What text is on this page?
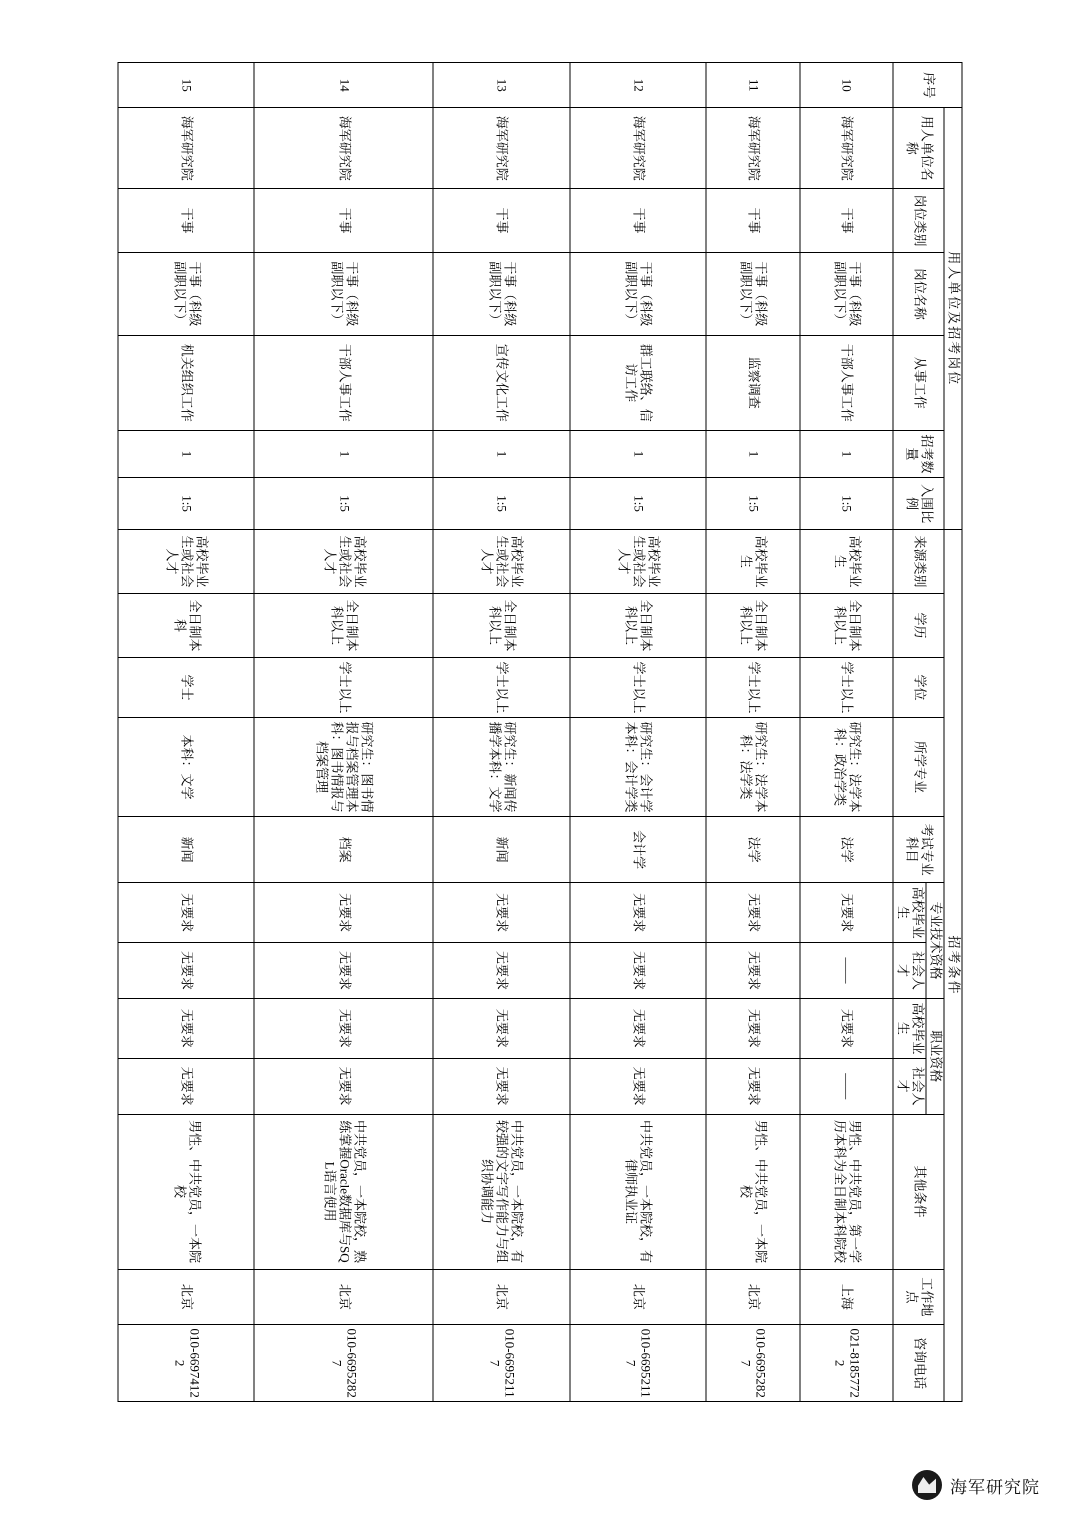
序号	用人单位及招考岗位						招考条件											
	用人单位名称	岗位类别	岗位名称	从事工作	招考数量	入围比例	来源类别	学历	学位	所学专业	考试专业科目	专业技术资格		职业资格		其他条件	工作地点	咨询电话
												高校毕业生	社会人才	高校毕业生	社会人才			
10	海军研究院	干事	干事（科级副职以下）	干部人事工作	1	1:5	高校毕业生	全日制本科以上	学士以上	研究生：法学本科：政治学类	法学	无要求	——	无要求	——	男性、中共党员，第一学历本科为全日制本科院校	上海	021-81857722
11	海军研究院	干事	干事（科级副职以下）	监察调查	1	1:5	高校毕业生	全日制本科以上	学士以上	研究生：法学本科：法学类	法学	无要求	无要求	无要求	无要求	男性、中共党员，一本院校	北京	010-66952827
12	海军研究院	干事	干事（科级副职以下）	群工联络、信访工作	1	1:5	高校毕业生或社会人才	全日制本科以上	学士以上	研究生：会计学本科：会计学类	会计学	无要求	无要求	无要求	无要求	中共党员，一本院校，有律师执业证	北京	010-66952117
13	海军研究院	干事	干事（科级副职以下）	宣传文化工作	1	1:5	高校毕业生或社会人才	全日制本科以上	学士以上	研究生：新闻传播学本科：文学	新闻	无要求	无要求	无要求	无要求	中共党员，一本院校，有较强的文字写作能力与组织协调能力	北京	010-66952117
14	海军研究院	干事	干事（科级副职以下）	干部人事工作	1	1:5	高校毕业生或社会人才	全日制本科以上	学士以上	研究生：图书情报与档案管理本科：图书情报与档案管理	档案	无要求	无要求	无要求	无要求	中共党员，一本院校，熟练掌握Oracle数据库与SQL语言使用	北京	010-66952827
15	海军研究院	干事	干事（科级副职以下）	机关组织工作	1	1:5	高校毕业生或社会人才	全日制本科	学士	本科：文学	新闻	无要求	无要求	无要求	无要求	男性、中共党员，一本院校	北京	010-66974122
海军研究院
